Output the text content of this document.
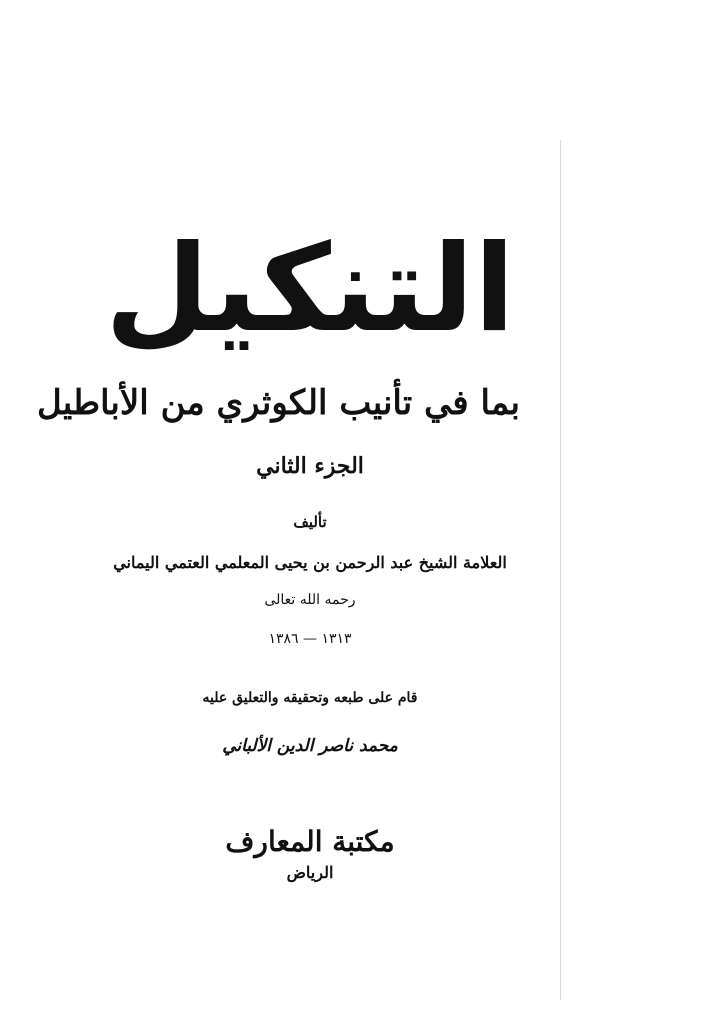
التنكيل
بما في تأنيب الكوثري من الأباطيل
الجزء الثاني
تأليف
العلامة الشيخ عبد الرحمن بن يحيى المعلمي العتمي اليماني
رحمه الله تعالى
١٣١٣ — ١٣٨٦
قام على طبعه وتحقيقه والتعليق عليه
محمد ناصر الدين الألباني
مكتبة المعارف
الرياض
